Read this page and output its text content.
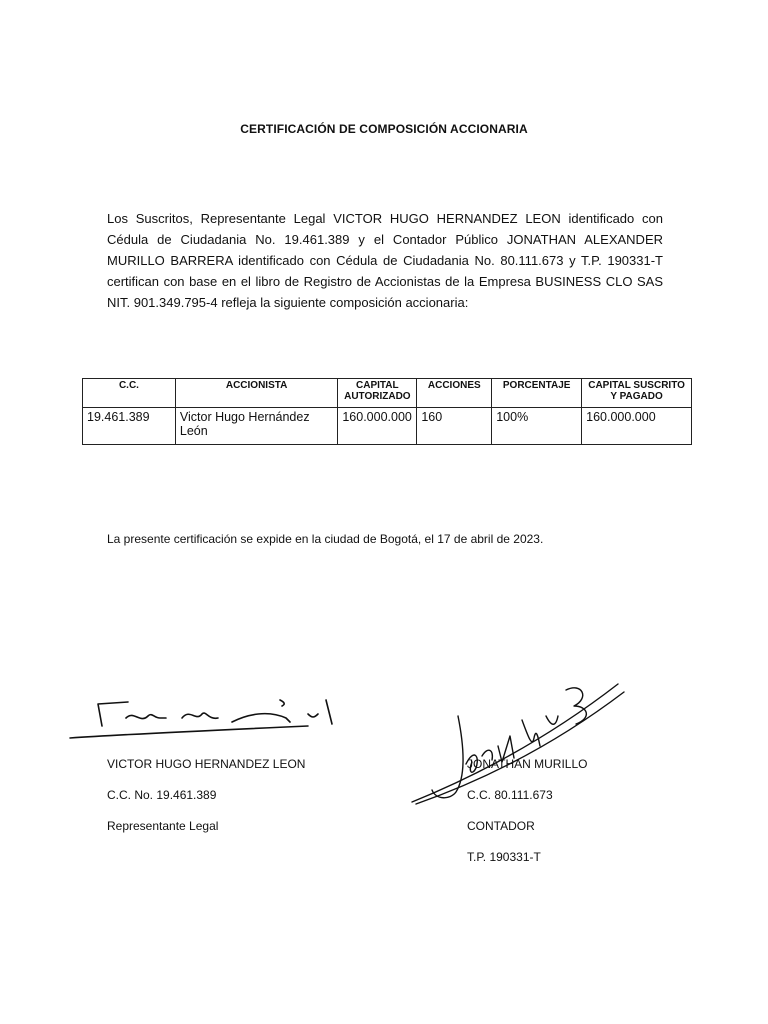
CERTIFICACIÓN DE COMPOSICIÓN ACCIONARIA
Los Suscritos, Representante Legal VICTOR HUGO HERNANDEZ LEON identificado con Cédula de Ciudadania No. 19.461.389 y el Contador Público JONATHAN ALEXANDER MURILLO BARRERA identificado con Cédula de Ciudadania No. 80.111.673 y T.P. 190331-T certifican con base en el libro de Registro de Accionistas de la Empresa BUSINESS CLO SAS NIT. 901.349.795-4 refleja la siguiente composición accionaria:
C.C.	ACCIONISTA	CAPITAL AUTORIZADO	ACCIONES	PORCENTAJE	CAPITAL SUSCRITO Y PAGADO
19.461.389	Victor Hugo Hernández León	160.000.000	160	100%	160.000.000
La presente certificación se expide en la ciudad de Bogotá, el 17 de abril de 2023.
VICTOR HUGO HERNANDEZ LEON
C.C. No. 19.461.389
Representante Legal
JONATHAN MURILLO
C.C. 80.111.673
CONTADOR
T.P. 190331-T
